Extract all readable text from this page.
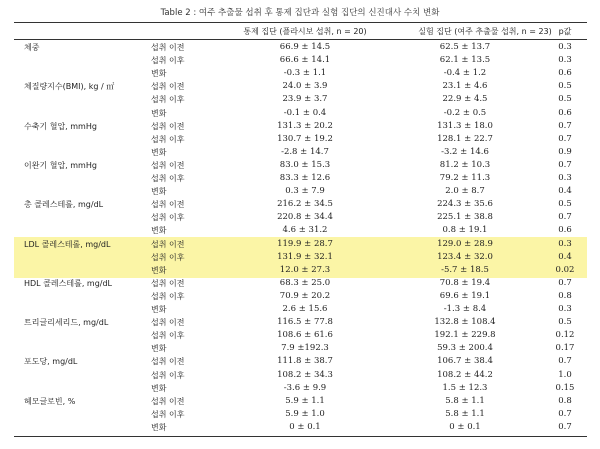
Table 2 : 여주 추출물 섭취 후 통제 집단과 실험 집단의 신진대사 수치 변화
통제 집단 (플라시보 섭취, n = 20)	실험 집단 (여주 추출물 섭취, n = 23) p값
체중	섭취 이전	66.9 ± 14.5	62.5 ± 13.7	0.3
섭취 이후	66.6 ± 14.1	62.1 ± 13.5	0.3
변화	-0.3 ± 1.1	-0.4 ± 1.2	0.6
체질량지수(BMI), kg / ㎡	섭취 이전	24.0 ± 3.9	23.1 ± 4.6	0.5
섭취 이후	23.9 ± 3.7	22.9 ± 4.5	0.5
변화	-0.1 ± 0.4	-0.2 ± 0.5	0.6
수축기 혈압, mmHg	섭취 이전	131.3 ± 20.2	131.3 ± 18.0	0.7
섭취 이후	130.7 ± 19.2	128.1 ± 22.7	0.7
변화	-2.8 ± 14.7	-3.2 ± 14.6	0.9
이완기 혈압, mmHg	섭취 이전	83.0 ± 15.3	81.2 ± 10.3	0.7
섭취 이후	83.3 ± 12.6	79.2 ± 11.3	0.3
변화	0.3 ± 7.9	2.0 ± 8.7	0.4
총 콜레스테롤, mg/dL	섭취 이전	216.2 ± 34.5	224.3 ± 35.6	0.5
섭취 이후	220.8 ± 34.4	225.1 ± 38.8	0.7
변화	4.6 ± 31.2	0.8 ± 19.1	0.6
LDL 콜레스테롤, mg/dL	섭취 이전	119.9 ± 28.7	129.0 ± 28.9	0.3
섭취 이후	131.9 ± 32.1	123.4 ± 32.0	0.4
변화	12.0 ± 27.3	-5.7 ± 18.5	0.02
HDL 콜레스테롤, mg/dL	섭취 이전	68.3 ± 25.0	70.8 ± 19.4	0.7
섭취 이후	70.9 ± 20.2	69.6 ± 19.1	0.8
변화	2.6 ± 15.6	-1.3 ± 8.4	0.3
트리글리세리드, mg/dL	섭취 이전	116.5 ± 77.8	132.8 ± 108.4	0.5
섭취 이후	108.6 ± 61.6	192.1 ± 229.8	0.12
변화	7.9 ±192.3	59.3 ± 200.4	0.17
포도당, mg/dL	섭취 이전	111.8 ± 38.7	106.7 ± 38.4	0.7
섭취 이후	108.2 ± 34.3	108.2 ± 44.2	1.0
변화	-3.6 ± 9.9	1.5 ± 12.3	0.15
헤모글로빈, %	섭취 이전	5.9 ± 1.1	5.8 ± 1.1	0.8
섭취 이후	5.9 ± 1.0	5.8 ± 1.1	0.7
변화	0 ± 0.1	0 ± 0.1	0.7
